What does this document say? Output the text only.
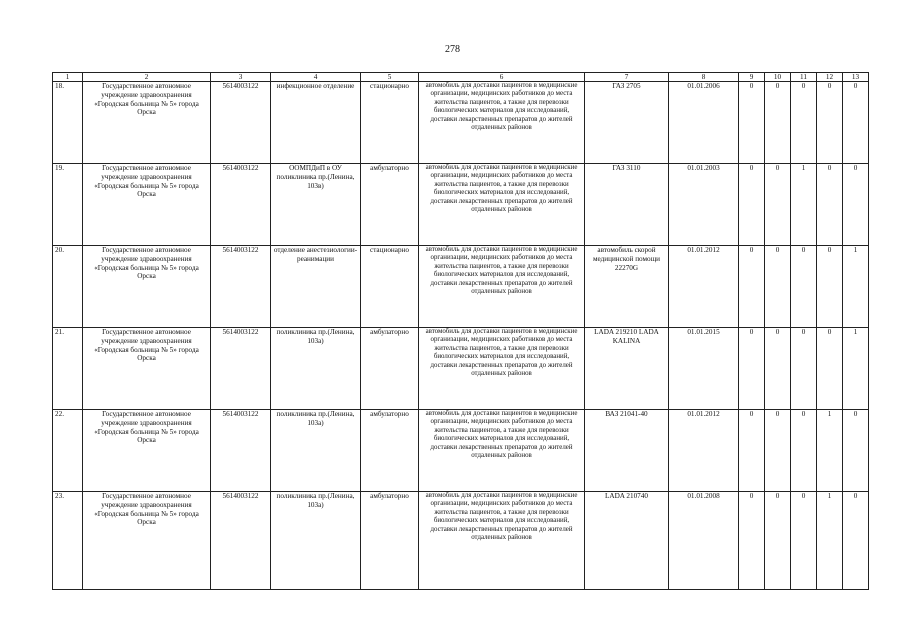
278
1	2	3	4	5	6	7	8	9	10	11	12	13
18.	Государственное автономное учреждение здравоохранения «Городская больница № 5» города Орска	5614003122	инфекционное отделение	стационарно	автомобиль для доставки пациентов в медицинские организации, медицинских работников до места жительства пациентов, а также для перевозки биологических материалов для исследований, доставки лекарственных препаратов до жителей отдаленных районов	ГАЗ 2705	01.01.2006	0	0	0	0	0
19.	Государственное автономное учреждение здравоохранения «Городская больница № 5» города Орска	5614003122	ООМПДиП в ОУ поликлиника пр.(Ленина, 103в)	амбулаторно	автомобиль для доставки пациентов в медицинские организации, медицинских работников до места жительства пациентов, а также для перевозки биологических материалов для исследований, доставки лекарственных препаратов до жителей отдаленных районов	ГАЗ 3110	01.01.2003	0	0	1	0	0
20.	Государственное автономное учреждение здравоохранения «Городская больница № 5» города Орска	5614003122	отделение анестезиологии-реанимации	стационарно	автомобиль для доставки пациентов в медицинские организации, медицинских работников до места жительства пациентов, а также для перевозки биологических материалов для исследований, доставки лекарственных препаратов до жителей отдаленных районов	автомобиль скорой медицинской помощи 22270G	01.01.2012	0	0	0	0	1
21.	Государственное автономное учреждение здравоохранения «Городская больница № 5» города Орска	5614003122	поликлиника пр.(Ленина, 103а)	амбулаторно	автомобиль для доставки пациентов в медицинские организации, медицинских работников до места жительства пациентов, а также для перевозки биологических материалов для исследований, доставки лекарственных препаратов до жителей отдаленных районов	LADA 219210 LADA KALINA	01.01.2015	0	0	0	0	1
22.	Государственное автономное учреждение здравоохранения «Городская больница № 5» города Орска	5614003122	поликлиника пр.(Ленина, 103а)	амбулаторно	автомобиль для доставки пациентов в медицинские организации, медицинских работников до места жительства пациентов, а также для перевозки биологических материалов для исследований, доставки лекарственных препаратов до жителей отдаленных районов	ВАЗ 21041-40	01.01.2012	0	0	0	1	0
23.	Государственное автономное учреждение здравоохранения «Городская больница № 5» города Орска	5614003122	поликлиника пр.(Ленина, 103а)	амбулаторно	автомобиль для доставки пациентов в медицинские организации, медицинских работников до места жительства пациентов, а также для перевозки биологических материалов для исследований, доставки лекарственных препаратов до жителей отдаленных районов	LADA 210740	01.01.2008	0	0	0	1	0
